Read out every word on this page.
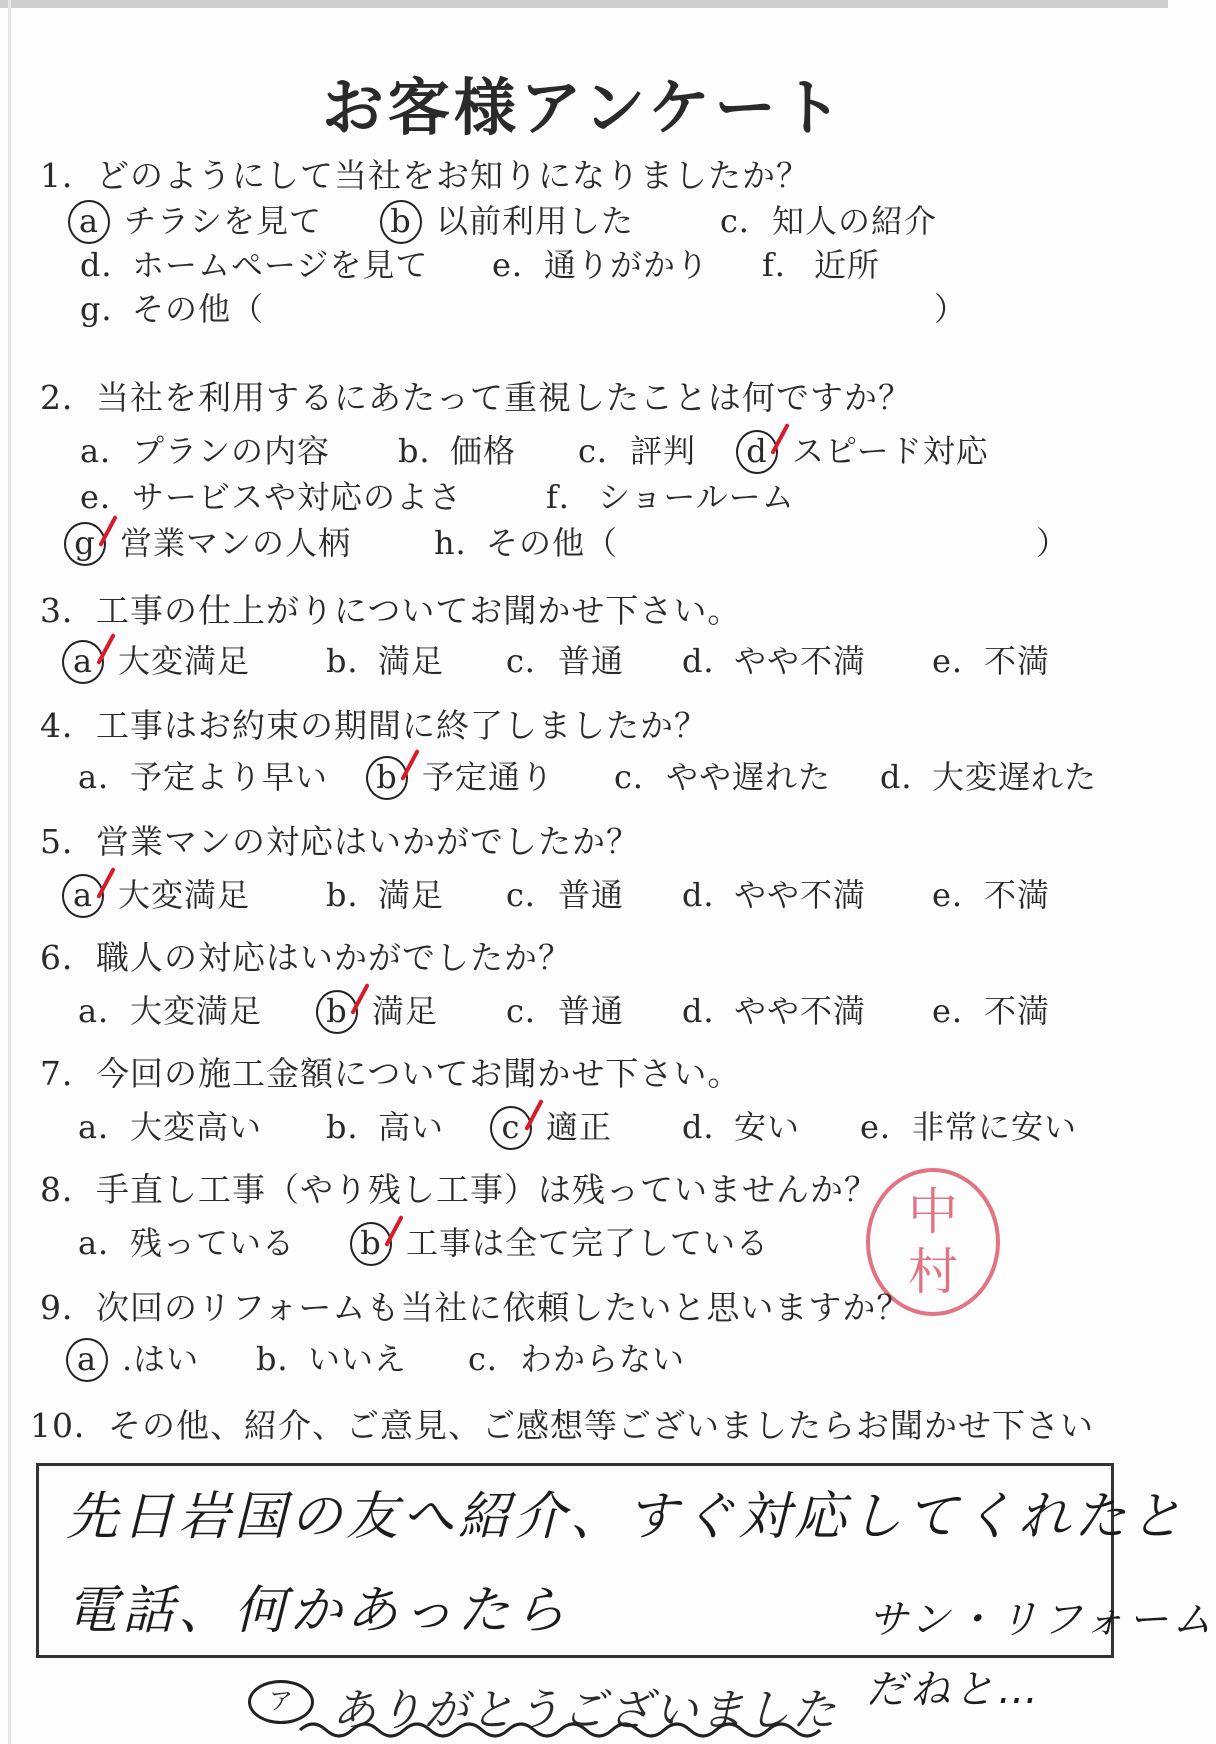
お客様アンケート
1．どのようにして当社をお知りになりましたか？
a チラシを見て	b 以前利用した	c．知人の紹介
d．ホームページを見て e．通りがかり f． 近所
g．その他（	）
2．当社を利用するにあたって重視したことは何ですか？
a．プランの内容 b．価格 c．評判	d スピード対応
e．サービスや対応のよさ	f． ショールーム
g 営業マンの人柄	h．その他（	）
3．工事の仕上がりについてお聞かせ下さい。
a 大変満足 b．満足 c．普通 d．やや不満 e．不満
4．工事はお約束の期間に終了しましたか？
a．予定より早い	b 予定通り c．やや遅れた d．大変遅れた
5．営業マンの対応はいかがでしたか？
a 大変満足 b．満足 c．普通 d．やや不満 e．不満
6．職人の対応はいかがでしたか？
a．大変満足	b 満足 c．普通 d．やや不満 e．不満
7．今回の施工金額についてお聞かせ下さい。
a．大変高い b．高い	c 適正 d．安い e．非常に安い
8．手直し工事（やり残し工事）は残っていませんか？
a．残っている	b 工事は全て完了している
中
村
9．次回のリフォームも当社に依頼したいと思いますか？
a .はい b．いいえ c．わからない
10．その他、紹介、ご意見、ご感想等ございましたらお聞かせ下さい
先日岩国の友へ紹介、すぐ対応してくれたと
電話、何かあったら	サン・リフォーム
だねと…
ア ありがとうございました
